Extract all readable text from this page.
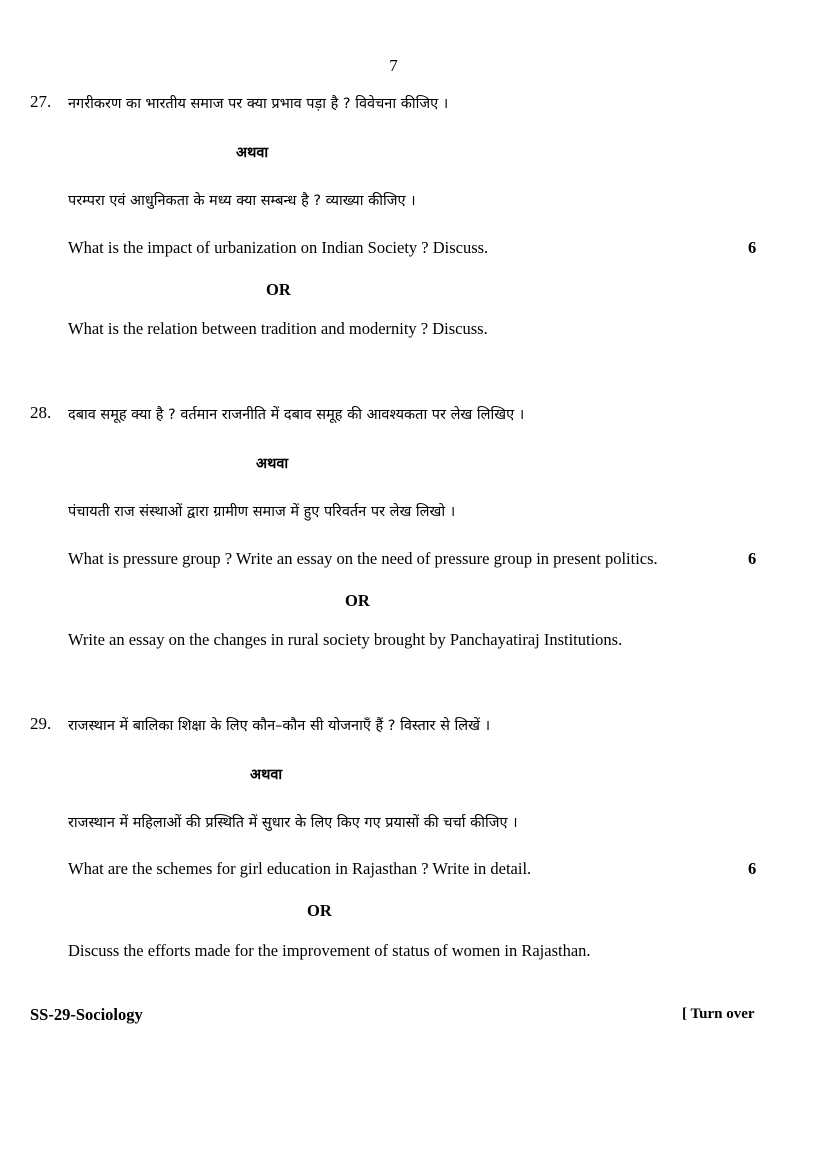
7
27. नगरीकरण का भारतीय समाज पर क्या प्रभाव पड़ा है ? विवेचना कीजिए ।
अथवा
परम्परा एवं आधुनिकता के मध्य क्या सम्बन्ध है ? व्याख्या कीजिए ।
What is the impact of urbanization on Indian Society ? Discuss.	6
OR
What is the relation between tradition and modernity ? Discuss.
28. दबाव समूह क्या है ? वर्तमान राजनीति में दबाव समूह की आवश्यकता पर लेख लिखिए ।
अथवा
पंचायती राज संस्थाओं द्वारा ग्रामीण समाज में हुए परिवर्तन पर लेख लिखो ।
What is pressure group ? Write an essay on the need of pressure group in present politics.	6
OR
Write an essay on the changes in rural society brought by Panchayatiraj Institutions.
29. राजस्थान में बालिका शिक्षा के लिए कौन–कौन सी योजनाएँ हैं ? विस्तार से लिखें ।
अथवा
राजस्थान में महिलाओं की प्रस्थिति में सुधार के लिए किए गए प्रयासों की चर्चा कीजिए ।
What are the schemes for girl education in Rajasthan ? Write in detail.	6
OR
Discuss the efforts made for the improvement of status of women in Rajasthan.
SS-29-Sociology	[ Turn over
